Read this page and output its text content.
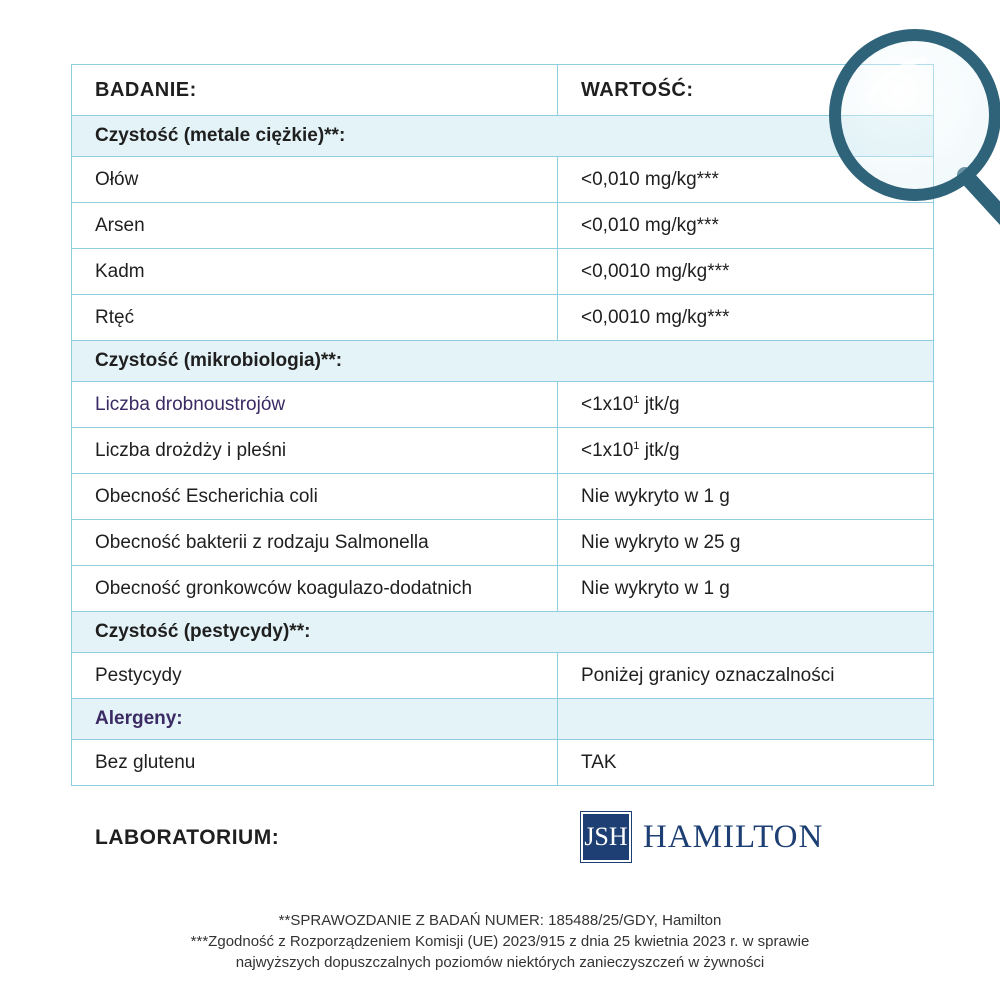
BADANIE:	WARTOŚĆ:
Czystość (metale ciężkie)**:	
Ołów	<0,010 mg/kg***
Arsen	<0,010 mg/kg***
Kadm	<0,0010 mg/kg***
Rtęć	<0,0010 mg/kg***
Czystość (mikrobiologia)**:	
Liczba drobnoustrojów	$<1x10^1$ jtk/g
Liczba drożdży i pleśni	$<1x10^1$ jtk/g
Obecność Escherichia coli	Nie wykryto w 1 g
Obecność bakterii z rodzaju Salmonella	Nie wykryto w 25 g
Obecność gronkowców koagulazo-dodatnich	Nie wykryto w 1 g
Czystość (pestycydy)**:	
Pestycydy	Poniżej granicy oznaczalności
Alergeny:	
Bez glutenu	TAK
LABORATORIUM:	JSH HAMILTON
**SPRAWOZDANIE Z BADAŃ NUMER: 185488/25/GDY, Hamilton
***Zgodność z Rozporządzeniem Komisji (UE) 2023/915 z dnia 25 kwietnia 2023 r. w sprawie
najwyższych dopuszczalnych poziomów niektórych zanieczyszczeń w żywności
